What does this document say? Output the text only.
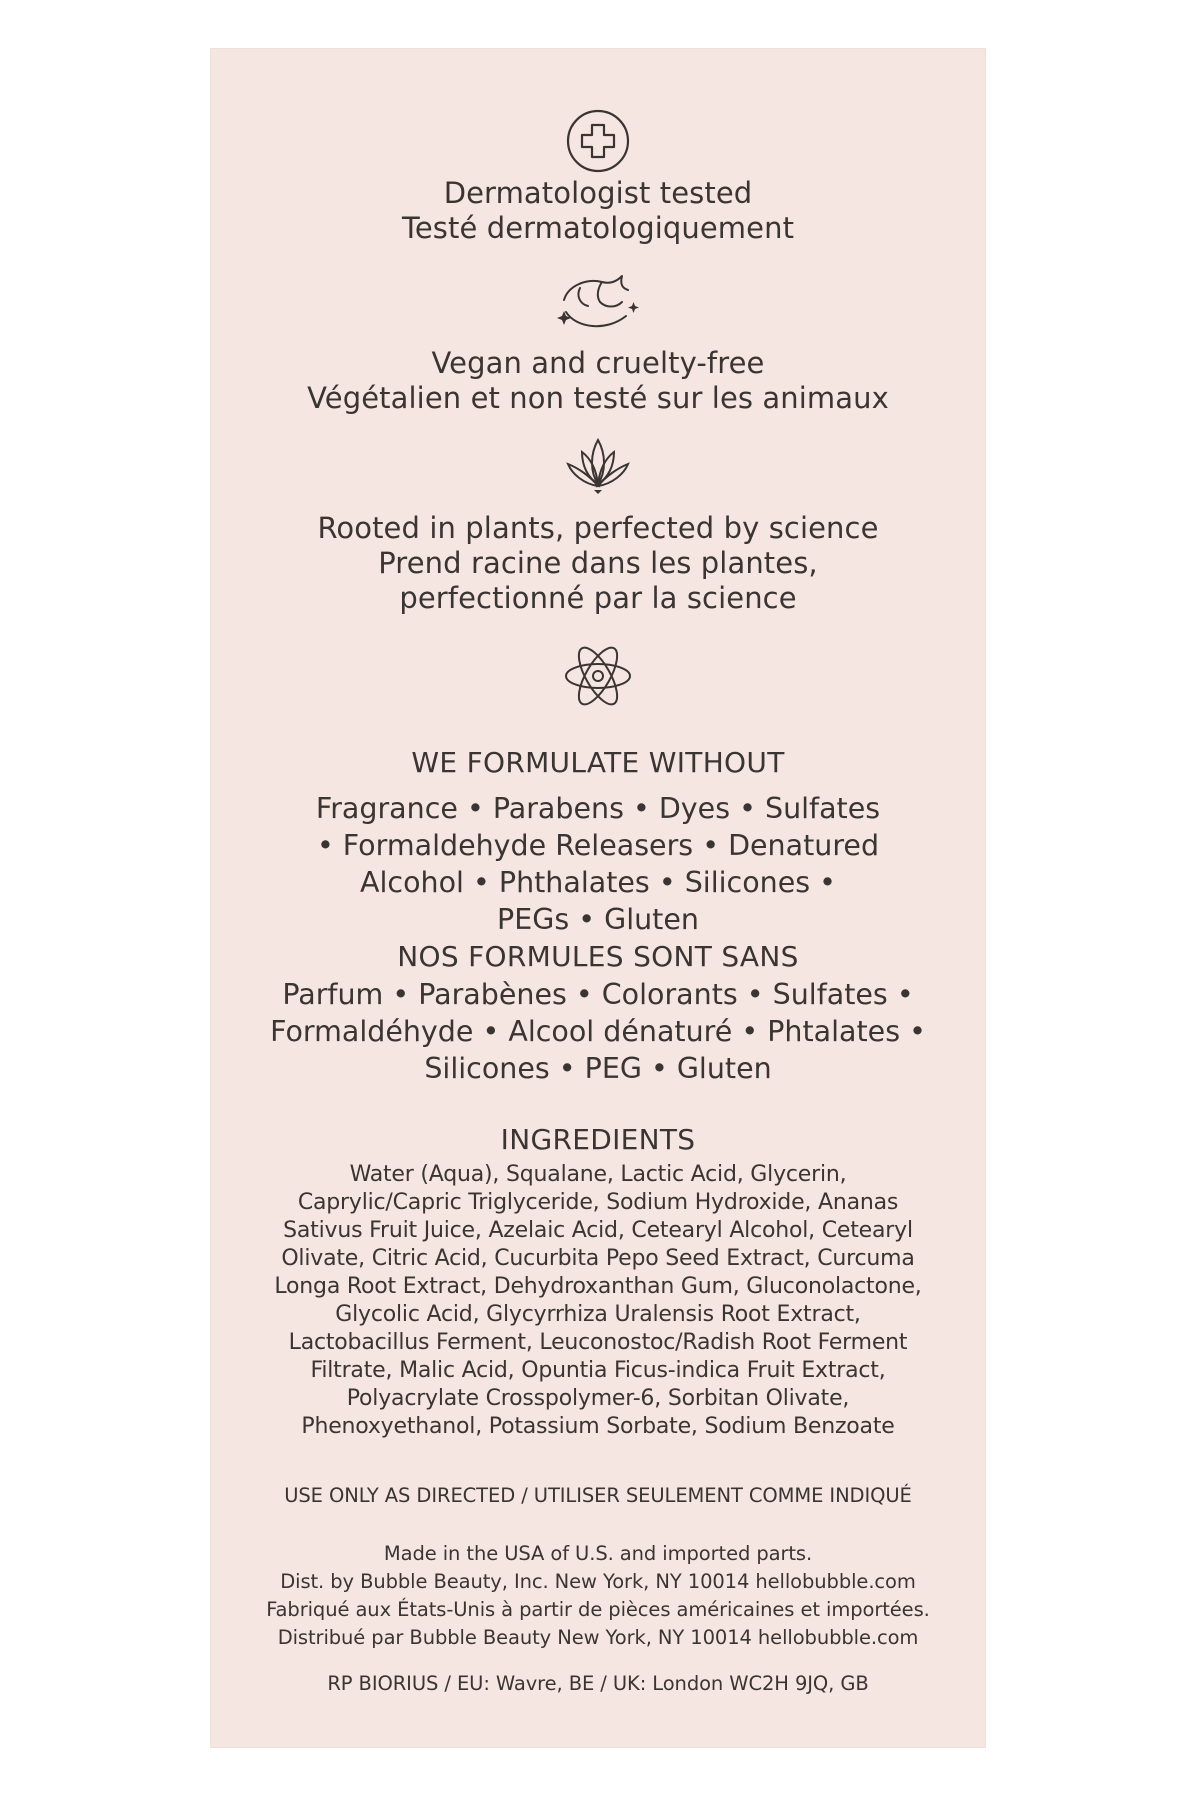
Dermatologist tested
Testé dermatologiquement
Vegan and cruelty-free
Végétalien et non testé sur les animaux
Rooted in plants, perfected by science
Prend racine dans les plantes,
perfectionné par la science
WE FORMULATE WITHOUT
Fragrance • Parabens • Dyes • Sulfates
• Formaldehyde Releasers • Denatured
Alcohol • Phthalates • Silicones •
PEGs • Gluten
NOS FORMULES SONT SANS
Parfum • Parabènes • Colorants • Sulfates •
Formaldéhyde • Alcool dénaturé • Phtalates •
Silicones • PEG • Gluten
INGREDIENTS
Water (Aqua), Squalane, Lactic Acid, Glycerin,
Caprylic/Capric Triglyceride, Sodium Hydroxide, Ananas
Sativus Fruit Juice, Azelaic Acid, Cetearyl Alcohol, Cetearyl
Olivate, Citric Acid, Cucurbita Pepo Seed Extract, Curcuma
Longa Root Extract, Dehydroxanthan Gum, Gluconolactone,
Glycolic Acid, Glycyrrhiza Uralensis Root Extract,
Lactobacillus Ferment, Leuconostoc/Radish Root Ferment
Filtrate, Malic Acid, Opuntia Ficus-indica Fruit Extract,
Polyacrylate Crosspolymer-6, Sorbitan Olivate,
Phenoxyethanol, Potassium Sorbate, Sodium Benzoate
USE ONLY AS DIRECTED / UTILISER SEULEMENT COMME INDIQUÉ
Made in the USA of U.S. and imported parts.
Dist. by Bubble Beauty, Inc. New York, NY 10014 hellobubble.com
Fabriqué aux États-Unis à partir de pièces américaines et importées.
Distribué par Bubble Beauty New York, NY 10014 hellobubble.com
RP BIORIUS / EU: Wavre, BE / UK: London WC2H 9JQ, GB
